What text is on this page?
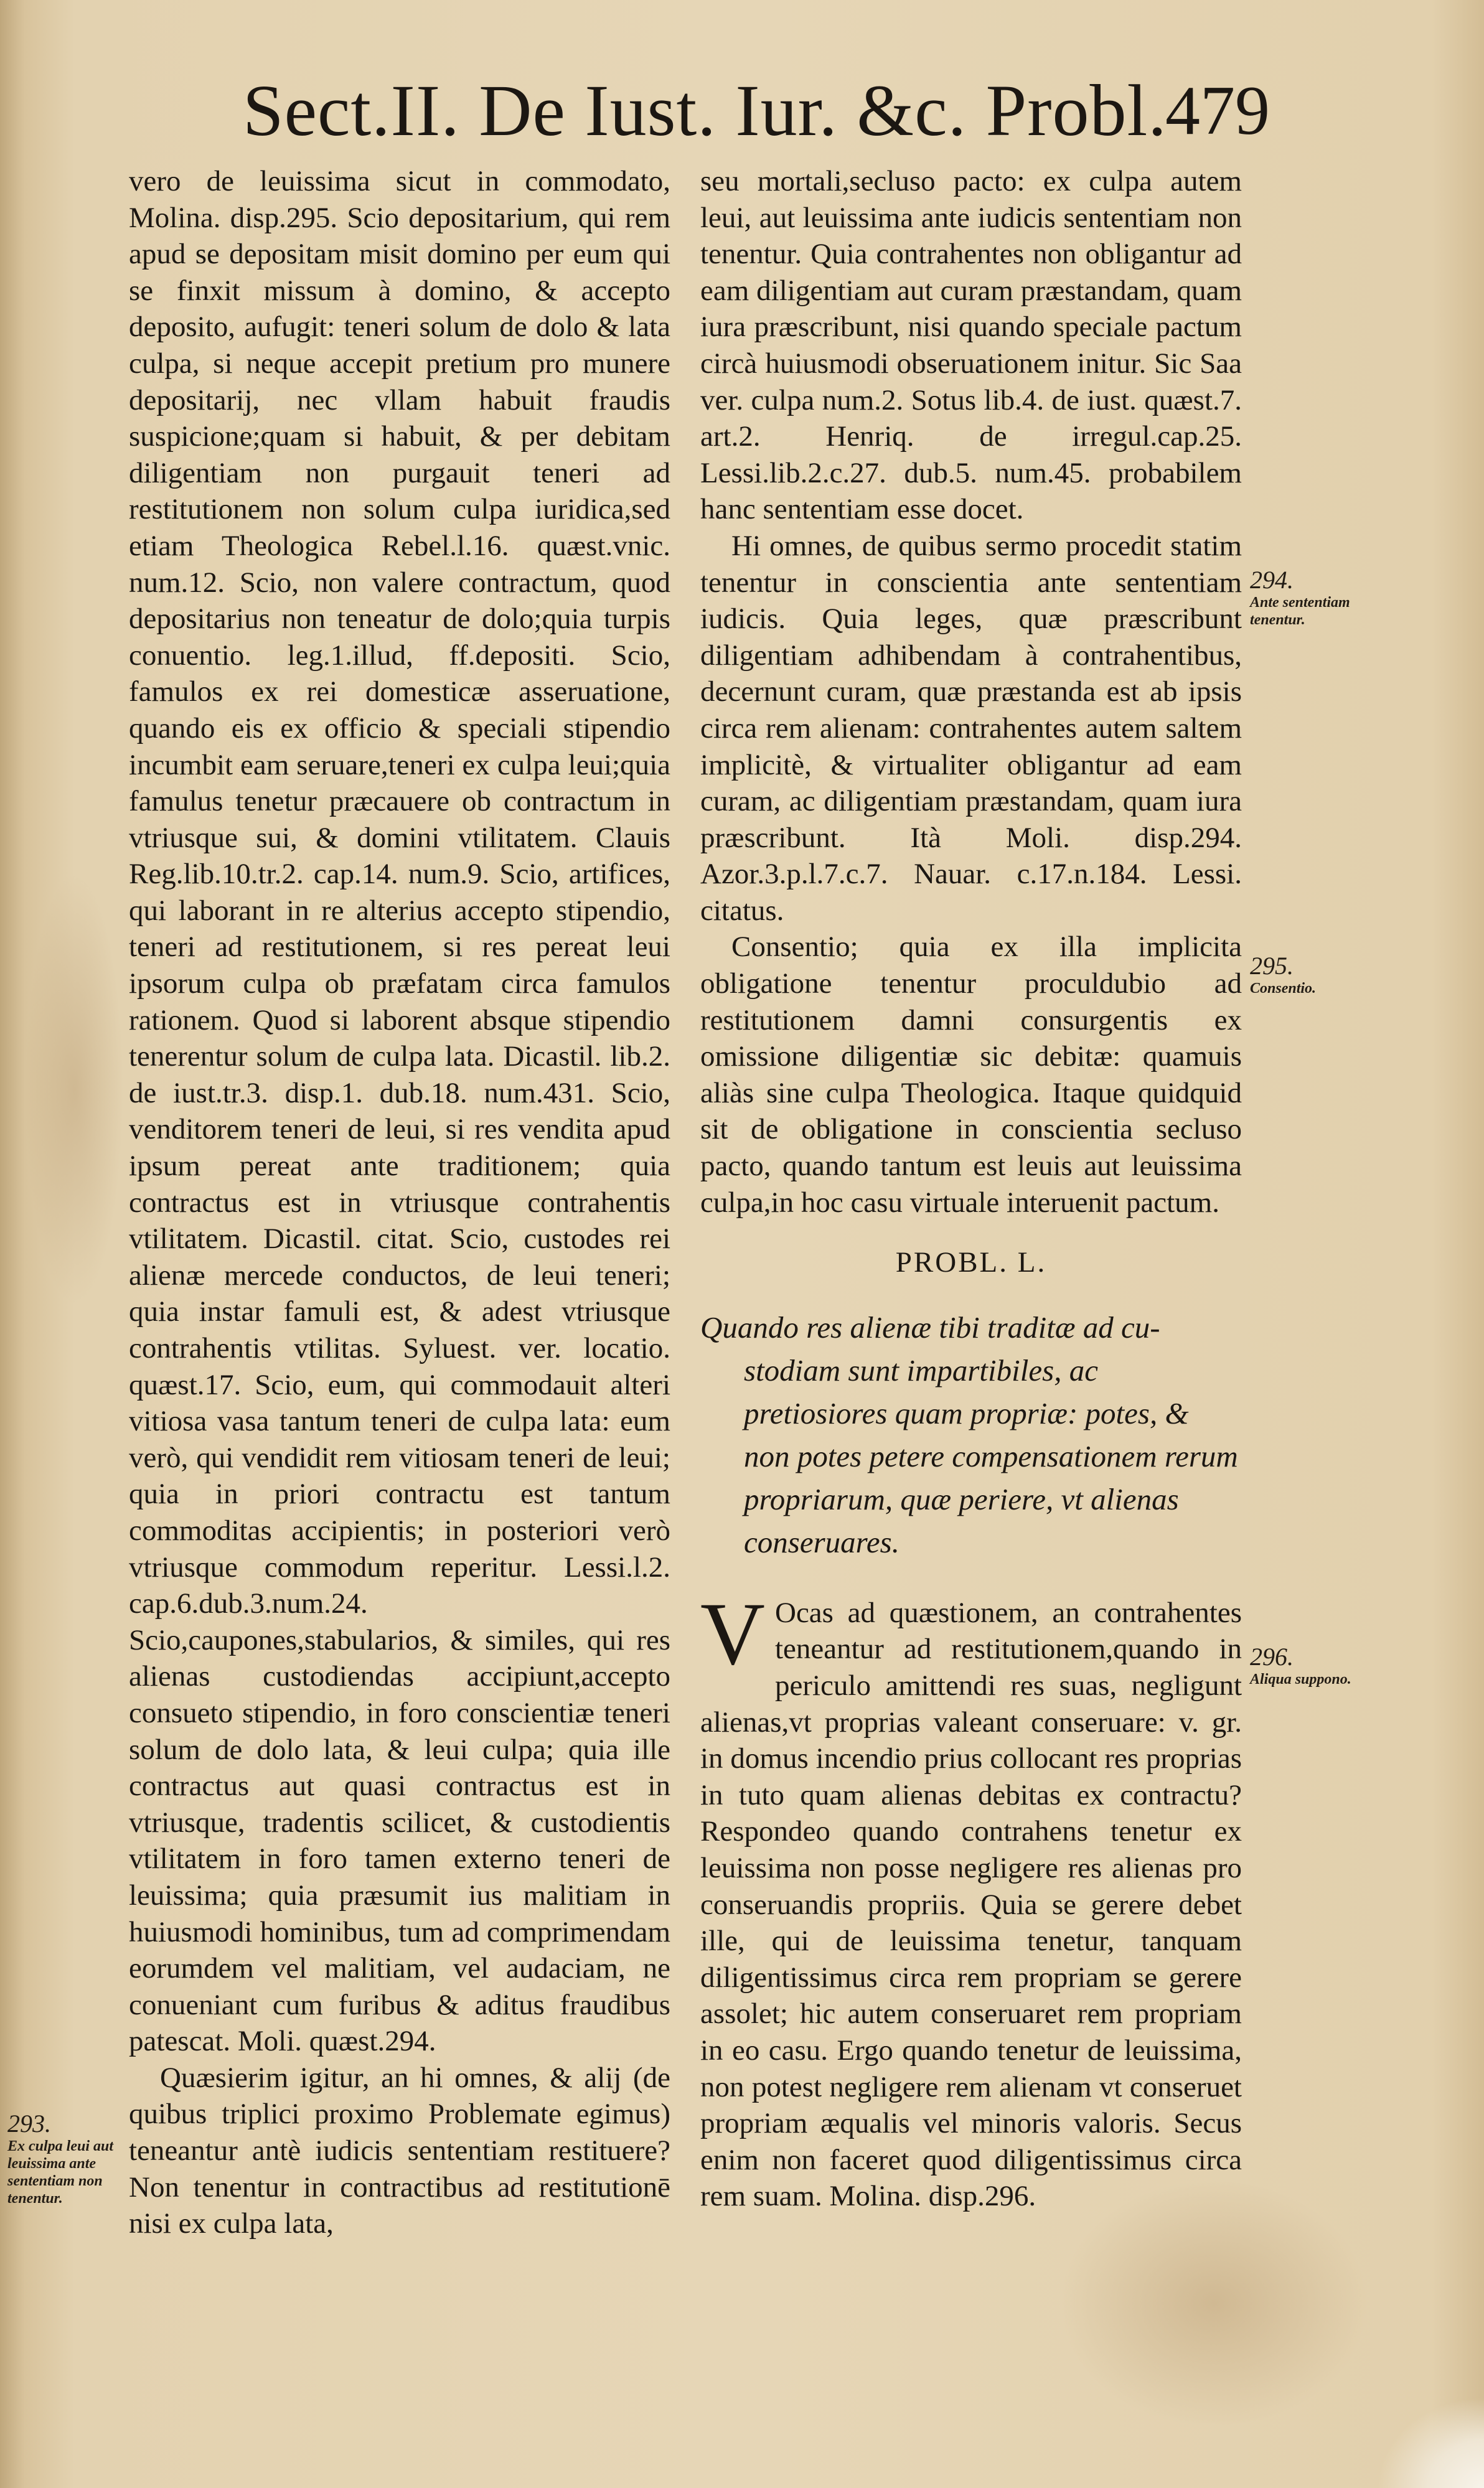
Sect.II. De Iust. Iur. &c. Probl.
479

vero de leuissima sicut in commodato, Molina. disp.295. Scio depositarium, qui rem apud se depositam misit domino per eum qui se finxit missum à domino, & accepto deposito, aufugit: teneri solum de dolo & lata culpa, si neque accepit pretium pro munere depositarij, nec vllam habuit fraudis suspicione;quam si habuit, & per debitam diligentiam non purgauit teneri ad restitutionem non solum culpa iuridica,sed etiam Theologica Rebel.l.16. quæst.vnic. num.12. Scio, non valere contractum, quod depositarius non teneatur de dolo;quia turpis conuentio. leg.1.illud, ff.depositi. Scio, famulos ex rei domesticæ asseruatione, quando eis ex officio & speciali stipendio incumbit eam seruare,teneri ex culpa leui;quia famulus tenetur præcauere ob contractum in vtriusque sui, & domini vtilitatem. Clauis Reg.lib.10.tr.2. cap.14. num.9. Scio, artifices, qui laborant in re alterius accepto stipendio, teneri ad restitutionem, si res pereat leui ipsorum culpa ob præfatam circa famulos rationem. Quod si laborent absque stipendio tenerentur solum de culpa lata. Dicastil. lib.2. de iust.tr.3. disp.1. dub.18. num.431. Scio, venditorem teneri de leui, si res vendita apud ipsum pereat ante traditionem; quia contractus est in vtriusque contrahentis vtilitatem. Dicastil. citat. Scio, custodes rei alienæ mercede conductos, de leui teneri; quia instar famuli est, & adest vtriusque contrahentis vtilitas. Syluest. ver. locatio. quæst.17. Scio, eum, qui commodauit alteri vitiosa vasa tantum teneri de culpa lata: eum verò, qui vendidit rem vitiosam teneri de leui; quia in priori contractu est tantum commoditas accipientis; in posteriori verò vtriusque commodum reperitur. Lessi.l.2. cap.6.dub.3.num.24. Scio,caupones,stabularios, & similes, qui res alienas custodiendas accipiunt,accepto consueto stipendio, in foro conscientiæ teneri solum de dolo lata, & leui culpa; quia ille contractus aut quasi contractus est in vtriusque, tradentis scilicet, & custodientis vtilitatem in foro tamen externo teneri de leuissima; quia præsumit ius malitiam in huiusmodi hominibus, tum ad comprimendam eorumdem vel malitiam, vel audaciam, ne conueniant cum furibus & aditus fraudibus patescat. Moli. quæst.294.

Quæsierim igitur, an hi omnes, & alij (de quibus triplici proximo Problemate egimus) teneantur antè iudicis sententiam restituere? Non tenentur in contractibus ad restitutionē nisi ex culpa lata,

seu mortali,secluso pacto: ex culpa autem leui, aut leuissima ante iudicis sententiam non tenentur. Quia contrahentes non obligantur ad eam diligentiam aut curam præstandam, quam iura præscribunt, nisi quando speciale pactum circà huiusmodi obseruationem initur. Sic Saa ver. culpa num.2. Sotus lib.4. de iust. quæst.7. art.2. Henriq. de irregul.cap.25. Lessi.lib.2.c.27. dub.5. num.45. probabilem hanc sententiam esse docet.

Hi omnes, de quibus sermo procedit statim tenentur in conscientia ante sententiam iudicis. Quia leges, quæ præscribunt diligentiam adhibendam à contrahentibus, decernunt curam, quæ præstanda est ab ipsis circa rem alienam: contrahentes autem saltem implicitè, & virtualiter obligantur ad eam curam, ac diligentiam præstandam, quam iura præscribunt. Ità Moli. disp.294. Azor.3.p.l.7.c.7. Nauar. c.17.n.184. Lessi. citatus.

Consentio; quia ex illa implicita obligatione tenentur proculdubio ad restitutionem damni consurgentis ex omissione diligentiæ sic debitæ: quamuis aliàs sine culpa Theologica. Itaque quidquid sit de obligatione in conscientia secluso pacto, quando tantum est leuis aut leuissima culpa,in hoc casu virtuale interuenit pactum.

PROBL. L.

Quando res alienæ tibi traditæ ad cu-
stodiam sunt impartibiles, ac pretiosiores quam propriæ: potes, & non potes petere compensationem rerum propriarum, quæ periere, vt alienas conseruares.

V Ocas ad quæstionem, an contrahentes teneantur ad restitutionem,quando in periculo amittendi res suas, negligunt alienas,vt proprias valeant conseruare: v. gr. in domus incendio prius collocant res proprias in tuto quam alienas debitas ex contractu? Respondeo quando contrahens tenetur ex leuissima non posse negligere res alienas pro conseruandis propriis. Quia se gerere debet ille, qui de leuissima tenetur, tanquam diligentissimus circa rem propriam se gerere assolet; hic autem conseruaret rem propriam in eo casu. Ergo quando tenetur de leuissima, non potest negligere rem alienam vt conseruet propriam æqualis vel minoris valoris. Secus enim non faceret quod diligentissimus circa rem suam. Molina. disp.296.

294.
Ante sententiam tenentur.
295.
Consentio.
296.
Aliqua suppono.
293.
Ex culpa leui aut leuissima ante sententiam non tenentur.
